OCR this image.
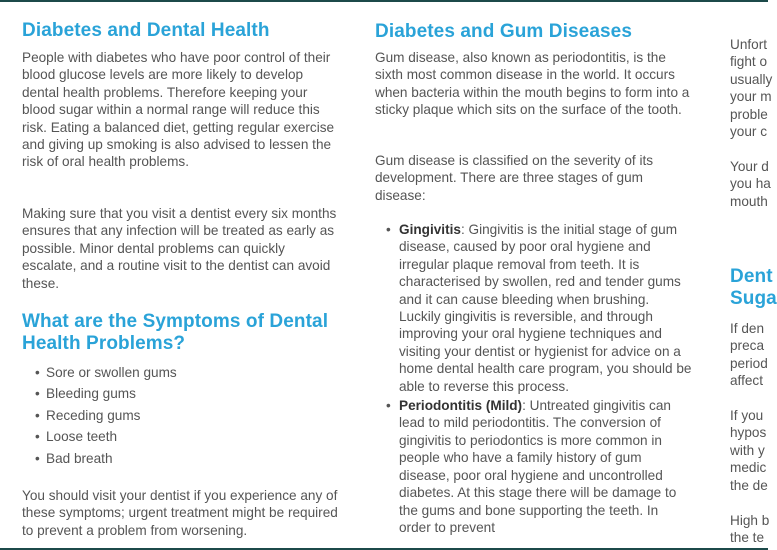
Diabetes and Dental Health

People with diabetes who have poor control of their blood glucose levels are more likely to develop dental health problems. Therefore keeping your blood sugar within a normal range will reduce this risk. Eating a balanced diet, getting regular exercise and giving up smoking is also advised to lessen the risk of oral health problems.

Making sure that you visit a dentist every six months ensures that any infection will be treated as early as possible. Minor dental problems can quickly escalate, and a routine visit to the dentist can avoid these.

What are the Symptoms of Dental Health Problems?
• Sore or swollen gums
• Bleeding gums
• Receding gums
• Loose teeth
• Bad breath

You should visit your dentist if you experience any of these symptoms; urgent treatment might be required to prevent a problem from worsening.

Diabetes and Gum Diseases

Gum disease, also known as periodontitis, is the sixth most common disease in the world. It occurs when bacteria within the mouth begins to form into a sticky plaque which sits on the surface of the tooth.

Gum disease is classified on the severity of its development. There are three stages of gum disease:

• Gingivitis: Gingivitis is the initial stage of gum disease, caused by poor oral hygiene and irregular plaque removal from teeth. It is characterised by swollen, red and tender gums and it can cause bleeding when brushing. Luckily gingivitis is reversible, and through improving your oral hygiene techniques and visiting your dentist or hygienist for advice on a home dental health care program, you should be able to reverse this process.
• Periodontitis (Mild): Untreated gingivitis can lead to mild periodontitis. The conversion of gingivitis to periodontics is more common in people who have a family history of gum disease, poor oral hygiene and uncontrolled diabetes. At this stage there will be damage to the gums and bone supporting the teeth. In order to prevent

Unfort

fight o

usually

your m

proble

your c

Your d

you ha

mouth

Dent
Suga

If den

preca

period

affect

If you

hypos

with y

medic

the de

High b

the te
